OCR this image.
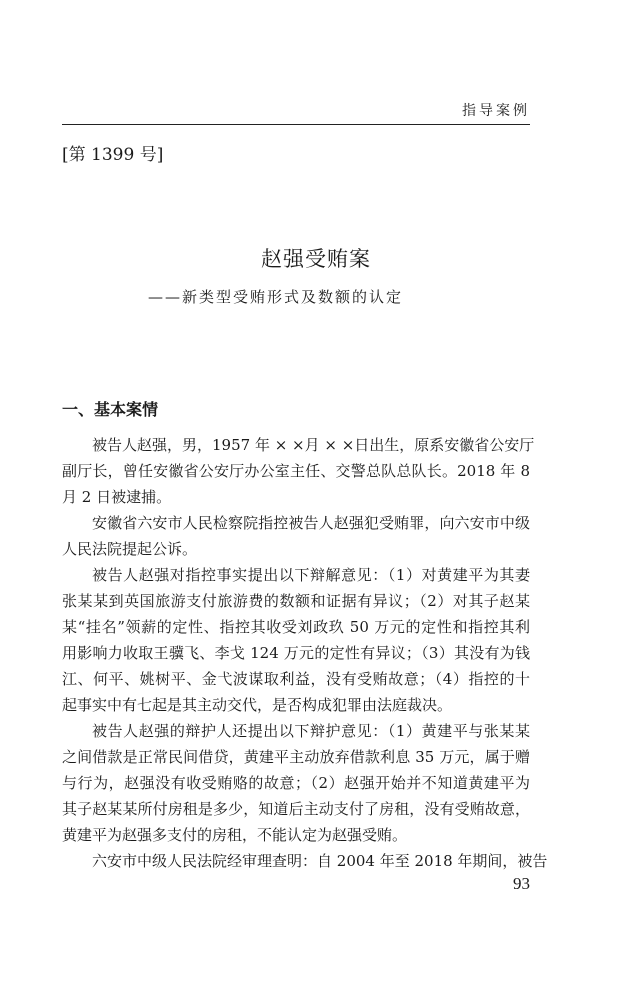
指导案例
[第 1399 号]
赵强受贿案
——新类型受贿形式及数额的认定
一、基本案情
被告人赵强，男，1957 年 × ×月 × ×日出生，原系安徽省公安厅
副厅长，曾任安徽省公安厅办公室主任、交警总队总队长。2018 年 8
月 2 日被逮捕。
安徽省六安市人民检察院指控被告人赵强犯受贿罪，向六安市中级
人民法院提起公诉。
被告人赵强对指控事实提出以下辩解意见：（1）对黄建平为其妻
张某某到英国旅游支付旅游费的数额和证据有异议；（2）对其子赵某
某“挂名”领薪的定性、指控其收受刘政玖 50 万元的定性和指控其利
用影响力收取王骥飞、李戈 124 万元的定性有异议；（3）其没有为钱
江、何平、姚树平、金弋波谋取利益，没有受贿故意；（4）指控的十
起事实中有七起是其主动交代，是否构成犯罪由法庭裁决。
被告人赵强的辩护人还提出以下辩护意见：（1）黄建平与张某某
之间借款是正常民间借贷，黄建平主动放弃借款利息 35 万元，属于赠
与行为，赵强没有收受贿赂的故意；（2）赵强开始并不知道黄建平为
其子赵某某所付房租是多少，知道后主动支付了房租，没有受贿故意，
黄建平为赵强多支付的房租，不能认定为赵强受贿。
六安市中级人民法院经审理查明：自 2004 年至 2018 年期间，被告
93
